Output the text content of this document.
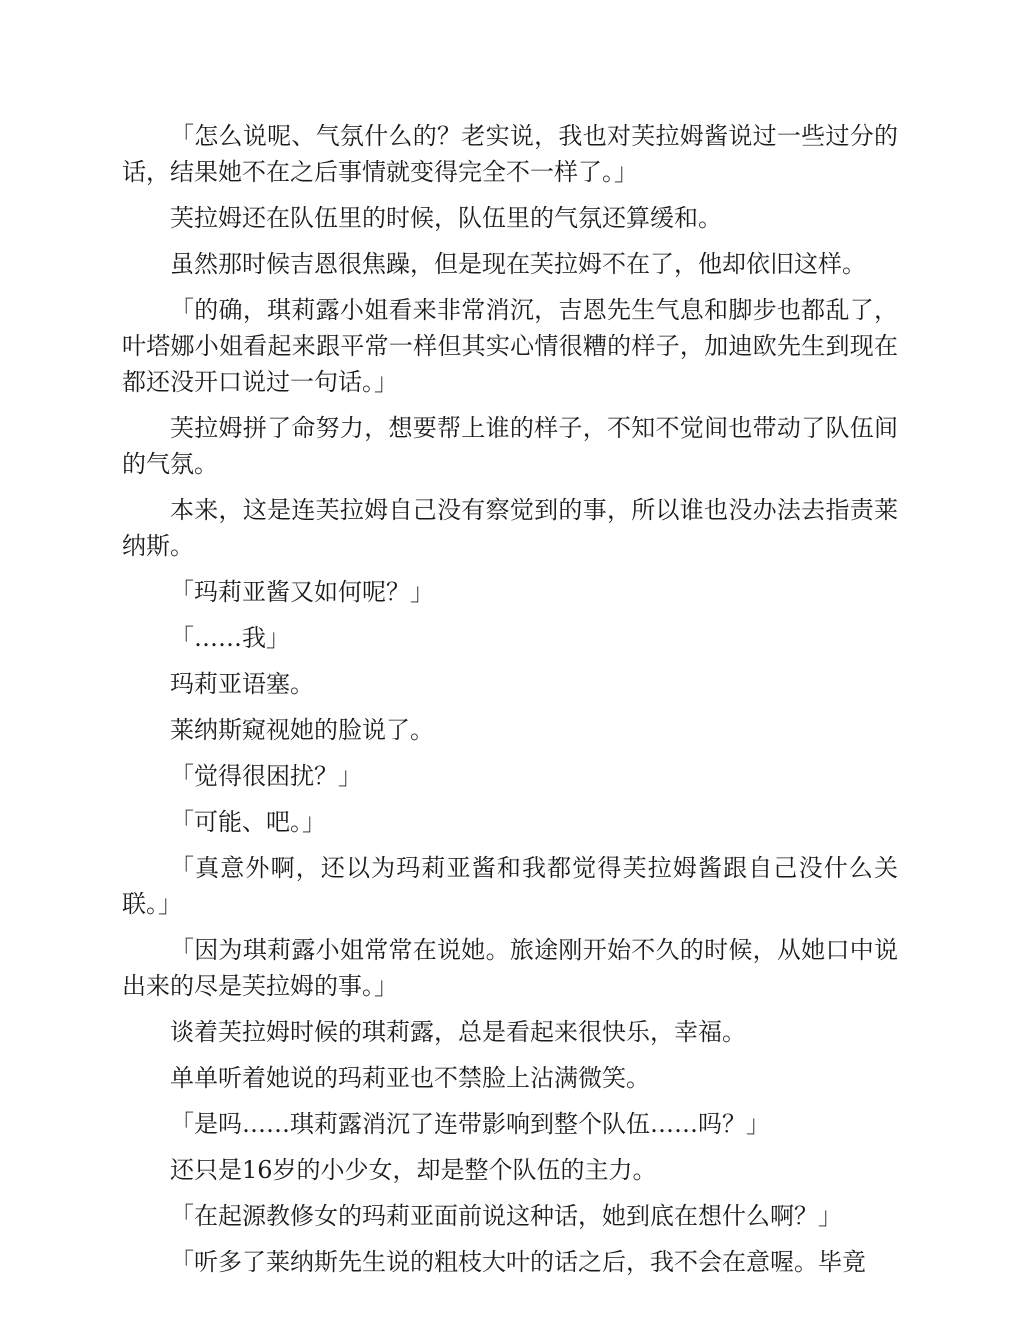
「怎么说呢、气氛什么的？老实说，我也对芙拉姆酱说过一些过分的话，结果她不在之后事情就变得完全不一样了。」

芙拉姆还在队伍里的时候，队伍里的气氛还算缓和。

虽然那时候吉恩很焦躁，但是现在芙拉姆不在了，他却依旧这样。

「的确，琪莉露小姐看来非常消沉，吉恩先生气息和脚步也都乱了，叶塔娜小姐看起来跟平常一样但其实心情很糟的样子，加迪欧先生到现在都还没开口说过一句话。」

芙拉姆拼了命努力，想要帮上谁的样子，不知不觉间也带动了队伍间的气氛。

本来，这是连芙拉姆自己没有察觉到的事，所以谁也没办法去指责莱纳斯。

「玛莉亚酱又如何呢？」

「……我」

玛莉亚语塞。

莱纳斯窥视她的脸说了。

「觉得很困扰？」

「可能、吧。」

「真意外啊，还以为玛莉亚酱和我都觉得芙拉姆酱跟自己没什么关联。」

「因为琪莉露小姐常常在说她。旅途刚开始不久的时候，从她口中说出来的尽是芙拉姆的事。」

谈着芙拉姆时候的琪莉露，总是看起来很快乐，幸福。

单单听着她说的玛莉亚也不禁脸上沾满微笑。

「是吗……琪莉露消沉了连带影响到整个队伍……吗？」

还只是16岁的小少女，却是整个队伍的主力。

「在起源教修女的玛莉亚面前说这种话，她到底在想什么啊？」

「听多了莱纳斯先生说的粗枝大叶的话之后，我不会在意喔。毕竟
